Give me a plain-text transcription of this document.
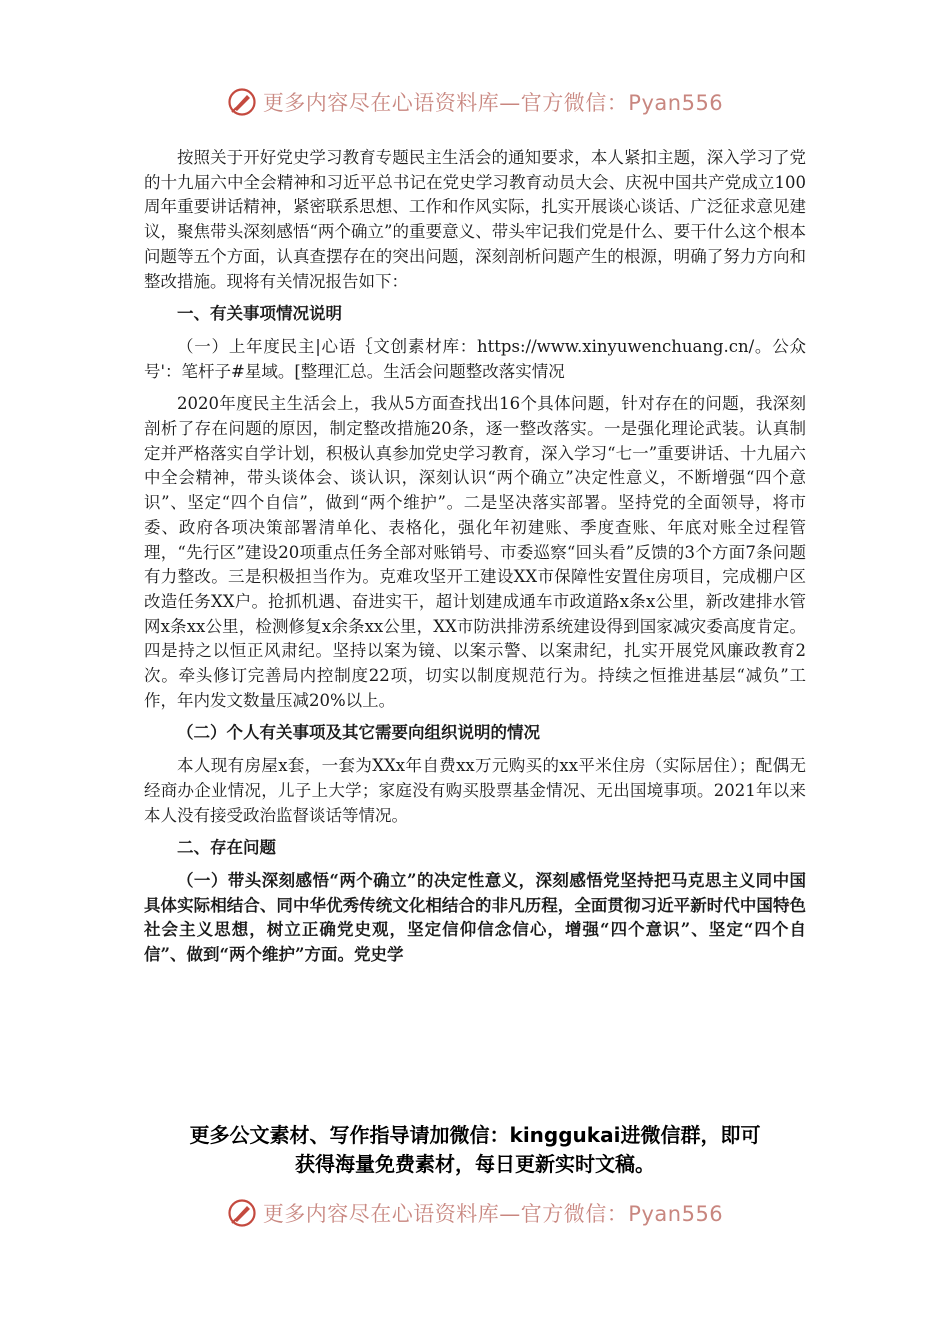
更多内容尽在心语资料库—官方微信：Pyan556

按照关于开好党史学习教育专题民主生活会的通知要求，本人紧扣主题，深入学习了党的十九届六中全会精神和习近平总书记在党史学习教育动员大会、庆祝中国共产党成立100周年重要讲话精神，紧密联系思想、工作和作风实际，扎实开展谈心谈话、广泛征求意见建议，聚焦带头深刻感悟“两个确立”的重要意义、带头牢记我们党是什么、要干什么这个根本问题等五个方面，认真查摆存在的突出问题，深刻剖析问题产生的根源，明确了努力方向和整改措施。现将有关情况报告如下：

一、有关事项情况说明

（一）上年度民主|心语｛文创素材库：https://www.xinyuwenchuang.cn/。公众号'：笔杆子#星域。[整理汇总。生活会问题整改落实情况

2020年度民主生活会上，我从5方面查找出16个具体问题，针对存在的问题，我深刻剖析了存在问题的原因，制定整改措施20条，逐一整改落实。一是强化理论武装。认真制定并严格落实自学计划，积极认真参加党史学习教育，深入学习“七一”重要讲话、十九届六中全会精神，带头谈体会、谈认识，深刻认识“两个确立”决定性意义，不断增强“四个意识”、坚定“四个自信”，做到“两个维护”。二是坚决落实部署。坚持党的全面领导，将市委、政府各项决策部署清单化、表格化，强化年初建账、季度查账、年底对账全过程管理，“先行区”建设20项重点任务全部对账销号、市委巡察“回头看”反馈的3个方面7条问题有力整改。三是积极担当作为。克难攻坚开工建设XX市保障性安置住房项目，完成棚户区改造任务XX户。抢抓机遇、奋进实干，超计划建成通车市政道路x条x公里，新改建排水管网x条xx公里，检测修复x余条xx公里，XX市防洪排涝系统建设得到国家减灾委高度肯定。四是持之以恒正风肃纪。坚持以案为镜、以案示警、以案肃纪，扎实开展党风廉政教育2次。牵头修订完善局内控制度22项，切实以制度规范行为。持续之恒推进基层“减负”工作，年内发文数量压减20%以上。

（二）个人有关事项及其它需要向组织说明的情况

本人现有房屋x套，一套为XXx年自费xx万元购买的xx平米住房（实际居住）；配偶无经商办企业情况，儿子上大学；家庭没有购买股票基金情况、无出国境事项。2021年以来本人没有接受政治监督谈话等情况。

二、存在问题

（一）带头深刻感悟“两个确立”的决定性意义，深刻感悟党坚持把马克思主义同中国具体实际相结合、同中华优秀传统文化相结合的非凡历程，全面贯彻习近平新时代中国特色社会主义思想，树立正确党史观，坚定信仰信念信心，增强“四个意识”、坚定“四个自信”、做到“两个维护”方面。党史学

更多公文素材、写作指导请加微信：kinggukai进微信群，即可
获得海量免费素材，每日更新实时文稿。
更多内容尽在心语资料库—官方微信：Pyan556
